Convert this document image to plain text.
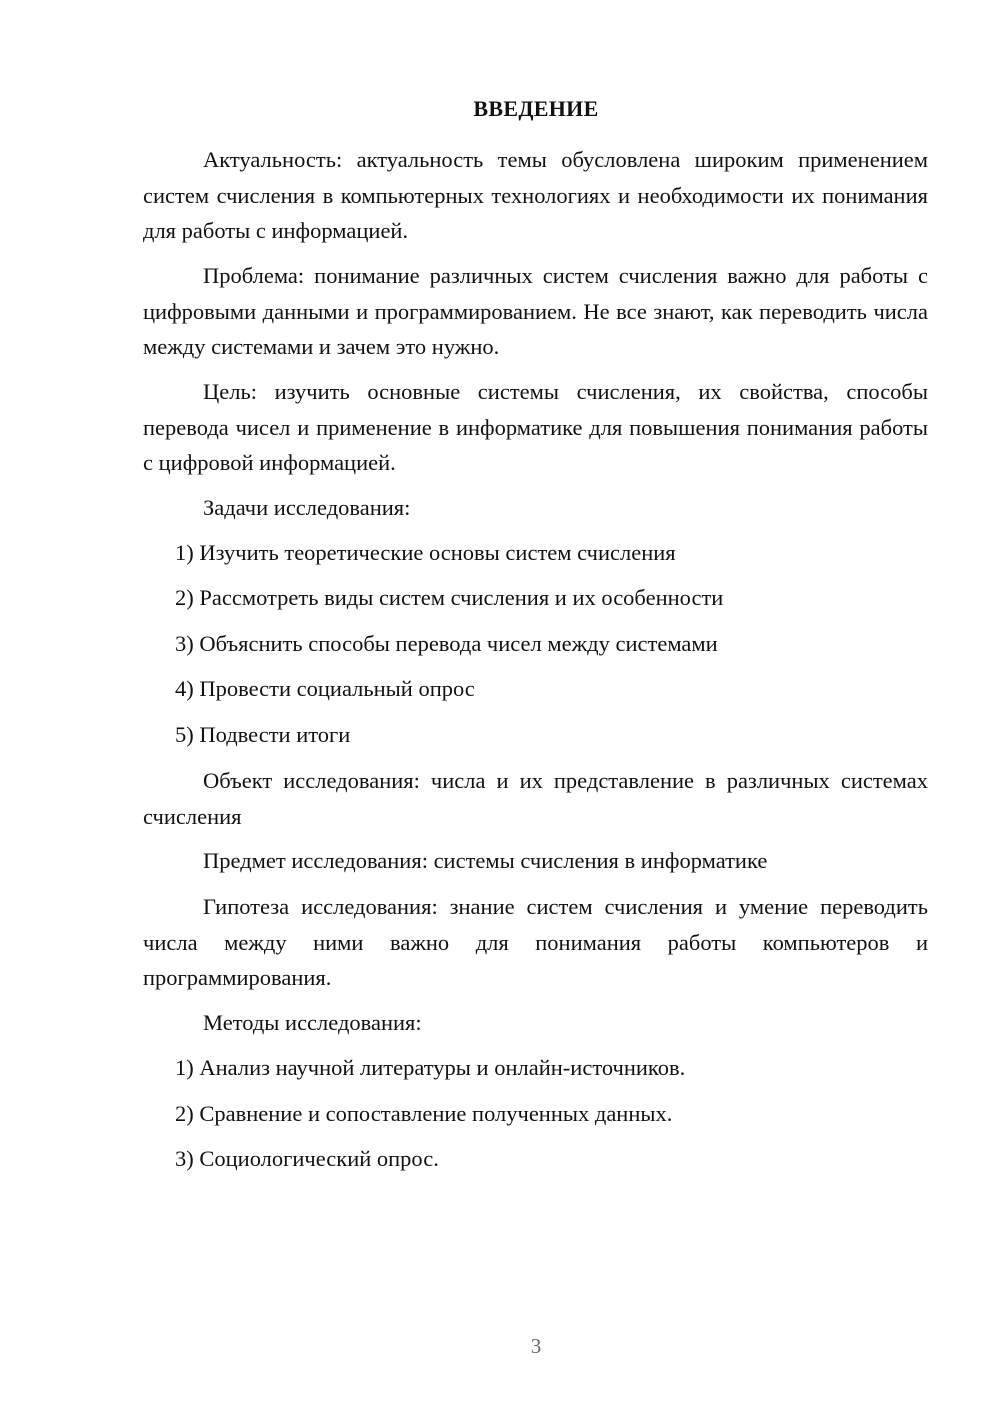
ВВЕДЕНИЕ
Актуальность: актуальность темы обусловлена широким применением систем счисления в компьютерных технологиях и необходимости их понимания для работы с информацией.
Проблема: понимание различных систем счисления важно для работы с цифровыми данными и программированием. Не все знают, как переводить числа между системами и зачем это нужно.
Цель: изучить основные системы счисления, их свойства, способы перевода чисел и применение в информатике для повышения понимания работы с цифровой информацией.
Задачи исследования:
1) Изучить теоретические основы систем счисления
2) Рассмотреть виды систем счисления и их особенности
3) Объяснить способы перевода чисел между системами
4) Провести социальный опрос
5) Подвести итоги
Объект исследования: числа и их представление в различных системах счисления
Предмет исследования: системы счисления в информатике
Гипотеза исследования: знание систем счисления и умение переводить числа между ними важно для понимания работы компьютеров и программирования.
Методы исследования:
1) Анализ научной литературы и онлайн-источников.
2) Сравнение и сопоставление полученных данных.
3) Социологический опрос.
3
